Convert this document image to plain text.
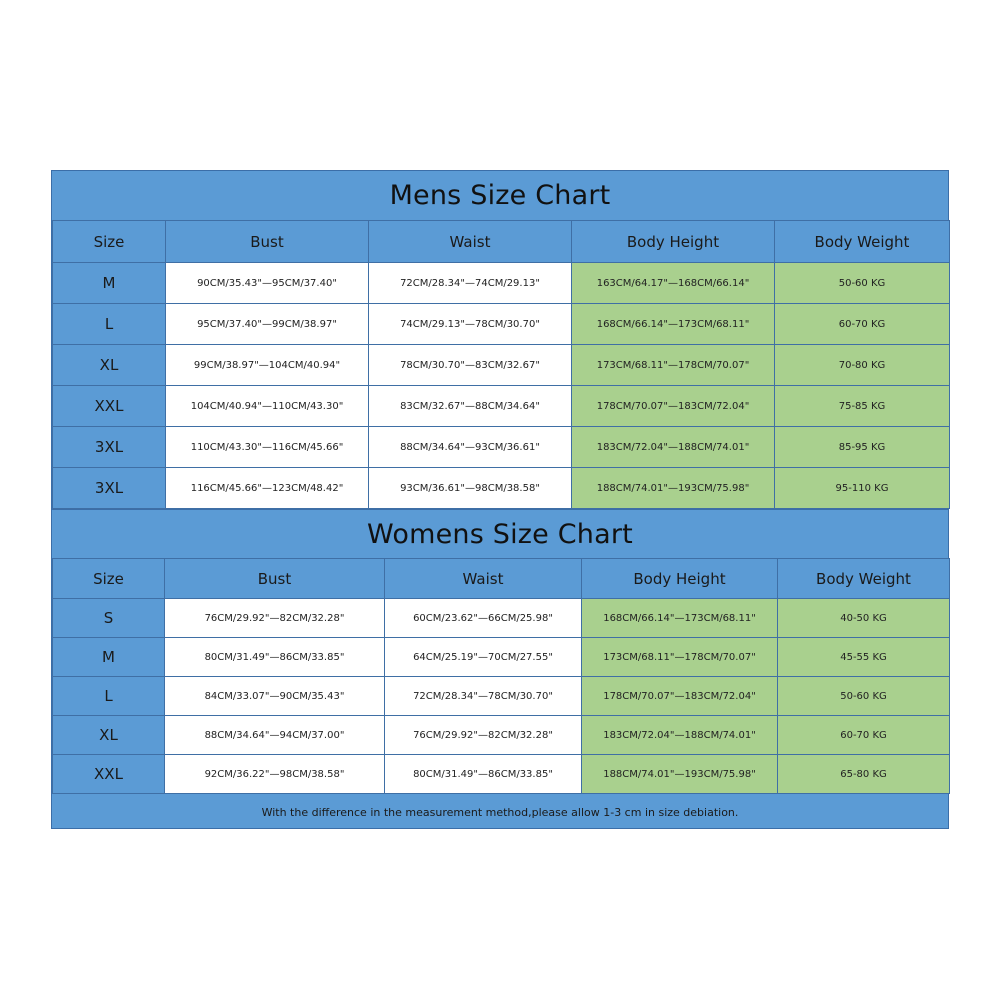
Mens Size Chart
Size	Bust	Waist	Body Height	Body Weight
M	90CM/35.43"—95CM/37.40"	72CM/28.34"—74CM/29.13"	163CM/64.17"—168CM/66.14"	50-60 KG
L	95CM/37.40"—99CM/38.97"	74CM/29.13"—78CM/30.70"	168CM/66.14"—173CM/68.11"	60-70 KG
XL	99CM/38.97"—104CM/40.94"	78CM/30.70"—83CM/32.67"	173CM/68.11"—178CM/70.07"	70-80 KG
XXL	104CM/40.94"—110CM/43.30"	83CM/32.67"—88CM/34.64"	178CM/70.07"—183CM/72.04"	75-85 KG
3XL	110CM/43.30"—116CM/45.66"	88CM/34.64"—93CM/36.61"	183CM/72.04"—188CM/74.01"	85-95 KG
3XL	116CM/45.66"—123CM/48.42"	93CM/36.61"—98CM/38.58"	188CM/74.01"—193CM/75.98"	95-110 KG
Womens Size Chart
Size	Bust	Waist	Body Height	Body Weight
S	76CM/29.92"—82CM/32.28"	60CM/23.62"—66CM/25.98"	168CM/66.14"—173CM/68.11"	40-50 KG
M	80CM/31.49"—86CM/33.85"	64CM/25.19"—70CM/27.55"	173CM/68.11"—178CM/70.07"	45-55 KG
L	84CM/33.07"—90CM/35.43"	72CM/28.34"—78CM/30.70"	178CM/70.07"—183CM/72.04"	50-60 KG
XL	88CM/34.64"—94CM/37.00"	76CM/29.92"—82CM/32.28"	183CM/72.04"—188CM/74.01"	60-70 KG
XXL	92CM/36.22"—98CM/38.58"	80CM/31.49"—86CM/33.85"	188CM/74.01"—193CM/75.98"	65-80 KG
With the difference in the measurement method,please allow 1-3 cm in size debiation.
